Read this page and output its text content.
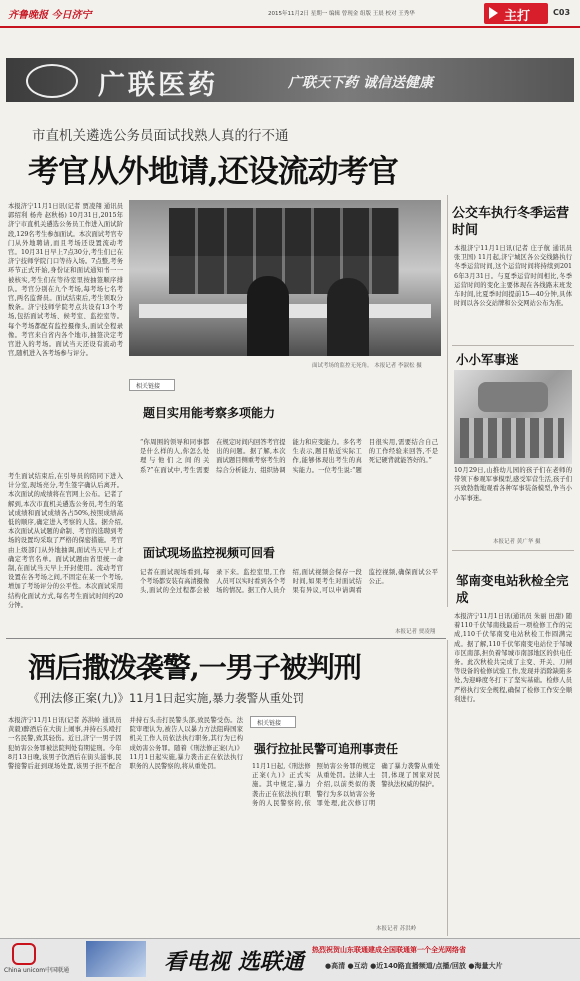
齐鲁晚报 今日济宁	2015年11月2日 星期一 编辑 曾现金 组版 王晨 校对 王秀华	主打	C03
广联医药	广联天下药 诚信送健康
市直机关遴选公务员面试找熟人真的行不通
考官从外地请,还设流动考官

本报济宁11月1日讯(记者 贾凌翔 通讯员 郭绍利 杨舟 赵秋杨) 10月31日,2015年济宁市直机关遴选公务员工作进入面试阶段,129名考生参加面试。本次面试考官专门从外地聘请,而且考场还设置流动考官。10月31日早上7点30分,考生们已在济宁技师学院门口等待入场。7点整,考务环节正式开始,身份证和面试通知书一一被核实,考生们在等待室里按抽签顺序排队。考官分别在九个考场,每考场七名考官,两名监督员。面试结束后,考生领取分数条。济宁技师学院考点共设有13个考场,包括面试考场、候考室、监控室等。每个考场都配有监控摄像头,面试全程录像。考官来自省内各个地市,抽签决定考官进入的考场。面试当天还设有流动考官,随机进入各考场参与评分。

考生面试结束后,在引导员的陪同下进入计分室,现场亮分,考生签字确认后离开。本次面试的成绩将在官网上公布。记者了解到,本次市直机关遴选公务员,考生的笔试成绩和面试成绩各占50%,按照成绩高低的顺序,确定进入考察的人选。据介绍,本次面试从试题的命制、考官的选聘到考场的设置均采取了严格的保密措施。考官由上级部门从外地抽调,面试当天早上才确定考官名单。面试试题由省里统一命制,在面试当天早上开封使用。流动考官设置在各考场之间,不固定在某一个考场,增加了考场评分的公平性。本次面试采用结构化面试方式,每名考生面试时间约20分钟。

面试考场的监控无死角。 本报记者 李淑松 摄
相关链接
题目实用能考察多项能力

“你周围的领导和同事都是什么样的人,你怎么处理与他们之间的关系?”在面试中,考生需要在规定时间内回答考官提出的问题。据了解,本次面试题目侧重考察考生的综合分析能力、组织协调能力和应变能力。多名考生表示,题目贴近实际工作,能够体现出考生的真实能力。一位考生说:“题目很实用,需要结合自己的工作经验来回答,不是死记硬背就能答好的。”

面试现场监控视频可回看

记者在面试现场看到,每个考场都安装有高清摄像头,面试的全过程都会被录下来。监控室里,工作人员可以实时看到各个考场的情况。据工作人员介绍,面试视频会保存一段时间,如果考生对面试结果有异议,可以申请调看监控视频,确保面试公平公正。

本报记者 贾凌翔
公交车执行冬季运营时间

本报济宁11月1日讯(记者 庄子航 通讯员 张卫国) 11月起,济宁城区各公交线路执行冬季运营时间,这个运营时间将持续到2016年3月31日。与夏季运营时间相比,冬季运营时间的变化主要体现在各线路末班发车时间,比夏季时间提前15—40分钟,具体时间以各公交站牌和公交网站公布为准。

小小军事迷

10月29日,山推幼儿园的孩子们在老师的带领下参观军事模型,感受军营生活,孩子们兴致勃勃地观看各种军事装备模型,争当小小军事迷。

本报记者 黄广华 摄
邹南变电站秋检全完成

本报济宁11月1日讯(通讯员 朱丽 田甜) 随着110千伏邹南线最后一项检修工作的完成,110千伏邹南变电站秋检工作圆满完成。据了解,110千伏邹南变电站位于邹城市区南部,担负着邹城市南部地区的供电任务。此次秋检共完成了主变、开关、刀闸等设备的检修试验工作,发现并消除缺陷多处,为迎峰度冬打下了坚实基础。检修人员严格执行安全规程,确保了检修工作安全顺利进行。

酒后撒泼袭警,一男子被判刑
《刑法修正案(九)》11月1日起实施,暴力袭警从重处罚

本报济宁11月1日讯(记者 苏洪岭 通讯员 黄毅)醉酒后在大街上闹事,并持石头殴打一名民警,致其轻伤。近日,济宁一男子因犯妨害公务罪被法院判处有期徒刑。今年8月13日晚,该男子饮酒后在街头滋事,民警接警后赶到现场处置,该男子拒不配合并持石头击打民警头部,致民警受伤。法院审理认为,被告人以暴力方法阻碍国家机关工作人员依法执行职务,其行为已构成妨害公务罪。随着《刑法修正案(九)》11月1日起实施,暴力袭击正在依法执行职务的人民警察的,将从重处罚。

相关链接
强行拉扯民警可追刑事责任

11月1日起,《刑法修正案(九)》正式实施。其中规定,暴力袭击正在依法执行职务的人民警察的,依照妨害公务罪的规定从重处罚。法律人士介绍,以前类似的袭警行为多以妨害公务罪处理,此次修订明确了暴力袭警从重处罚,体现了国家对民警执法权威的保护。

本报记者 苏洪岭
China unicom中国联通	看电视 选联通 热烈祝贺山东联通建成全国联通第一个全光网络省
●高清 ●互动 ●近140路直播频道/点播/回放 ●海量大片
